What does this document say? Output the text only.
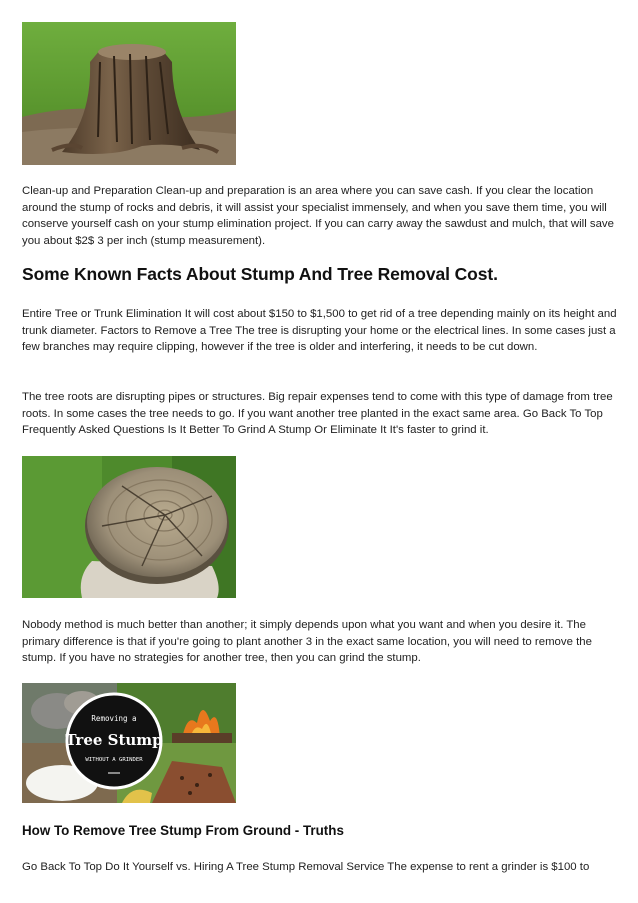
Clean-up and Preparation Clean-up and preparation is an area where you can save cash. If you clear the location around the stump of rocks and debris, it will assist your specialist immensely, and when you save them time, you will conserve yourself cash on your stump elimination project. If you can carry away the sawdust and mulch, that will save you about $2$ 3 per inch (stump measurement).

Some Known Facts About Stump And Tree Removal Cost.

Entire Tree or Trunk Elimination It will cost about $150 to $1,500 to get rid of a tree depending mainly on its height and trunk diameter. Factors to Remove a Tree The tree is disrupting your home or the electrical lines. In some cases just a few branches may require clipping, however if the tree is older and interfering, it needs to be cut down.

The tree roots are disrupting pipes or structures. Big repair expenses tend to come with this type of damage from tree roots. In some cases the tree needs to go. If you want another tree planted in the exact same area. Go Back To Top Frequently Asked Questions Is It Better To Grind A Stump Or Eliminate It It's faster to grind it.

Nobody method is much better than another; it simply depends upon what you want and when you desire it. The primary difference is that if you're going to plant another 3 in the exact same location, you will need to remove the stump. If you have no strategies for another tree, then you can grind the stump.

Removing a
Tree Stump
WITHOUT A GRINDER
How To Remove Tree Stump From Ground - Truths

Go Back To Top Do It Yourself vs. Hiring A Tree Stump Removal Service The expense to rent a grinder is $100 to
